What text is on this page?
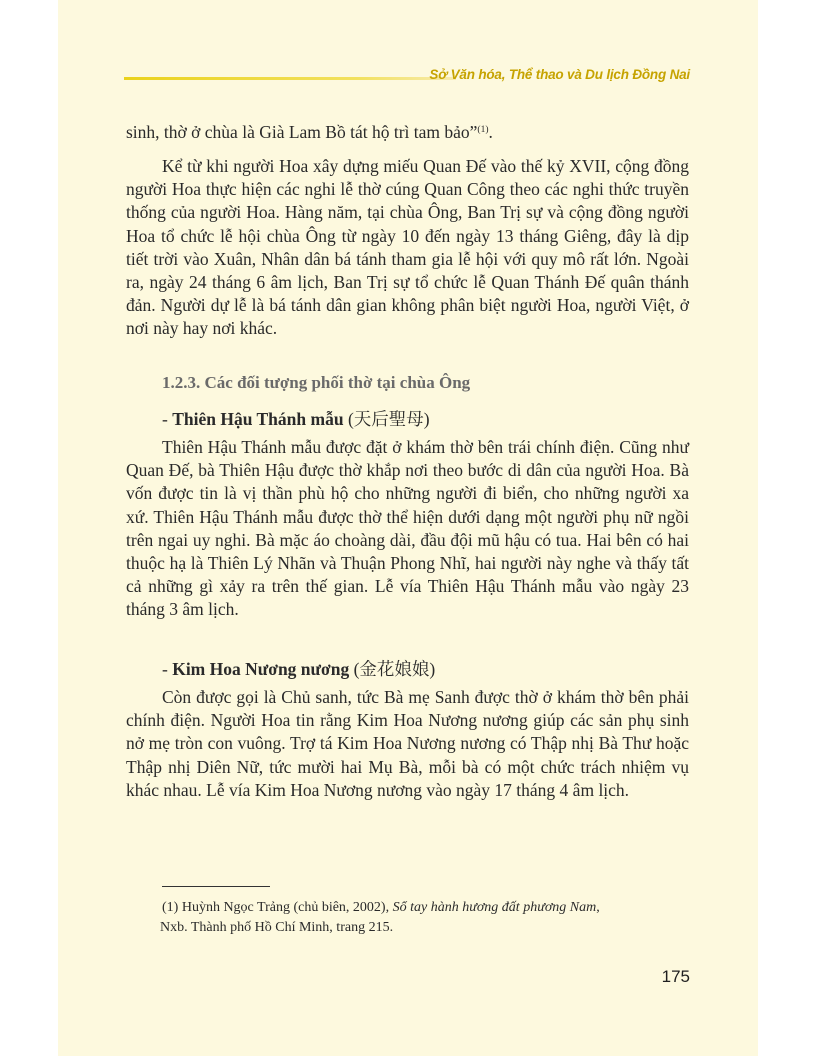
Sở Văn hóa, Thể thao và Du lịch Đồng Nai

sinh, thờ ở chùa là Già Lam Bồ tát hộ trì tam bảo”$^{(1)}$.

Kể từ khi người Hoa xây dựng miếu Quan Đế vào thế kỷ XVII, cộng đồng người Hoa thực hiện các nghi lễ thờ cúng Quan Công theo các nghi thức truyền thống của người Hoa. Hàng năm, tại chùa Ông, Ban Trị sự và cộng đồng người Hoa tổ chức lễ hội chùa Ông từ ngày 10 đến ngày 13 tháng Giêng, đây là dịp tiết trời vào Xuân, Nhân dân bá tánh tham gia lễ hội với quy mô rất lớn. Ngoài ra, ngày 24 tháng 6 âm lịch, Ban Trị sự tổ chức lễ Quan Thánh Đế quân thánh đản. Người dự lễ là bá tánh dân gian không phân biệt người Hoa, người Việt, ở nơi này hay nơi khác.

1.2.3. Các đối tượng phối thờ tại chùa Ông
- Thiên Hậu Thánh mẫu (天后聖母)

Thiên Hậu Thánh mẫu được đặt ở khám thờ bên trái chính điện. Cũng như Quan Đế, bà Thiên Hậu được thờ khắp nơi theo bước di dân của người Hoa. Bà vốn được tin là vị thần phù hộ cho những người đi biển, cho những người xa xứ. Thiên Hậu Thánh mẫu được thờ thể hiện dưới dạng một người phụ nữ ngồi trên ngai uy nghi. Bà mặc áo choàng dài, đầu đội mũ hậu có tua. Hai bên có hai thuộc hạ là Thiên Lý Nhãn và Thuận Phong Nhĩ, hai người này nghe và thấy tất cả những gì xảy ra trên thế gian. Lễ vía Thiên Hậu Thánh mẫu vào ngày 23 tháng 3 âm lịch.

- Kim Hoa Nương nương (金花娘娘)

Còn được gọi là Chủ sanh, tức Bà mẹ Sanh được thờ ở khám thờ bên phải chính điện. Người Hoa tin rằng Kim Hoa Nương nương giúp các sản phụ sinh nở mẹ tròn con vuông. Trợ tá Kim Hoa Nương nương có Thập nhị Bà Thư hoặc Thập nhị Diên Nữ, tức mười hai Mụ Bà, mỗi bà có một chức trách nhiệm vụ khác nhau. Lễ vía Kim Hoa Nương nương vào ngày 17 tháng 4 âm lịch.

(1) Huỳnh Ngọc Trảng (chủ biên, 2002), Sổ tay hành hương đất phương Nam,
Nxb. Thành phố Hồ Chí Minh, trang 215.
175
